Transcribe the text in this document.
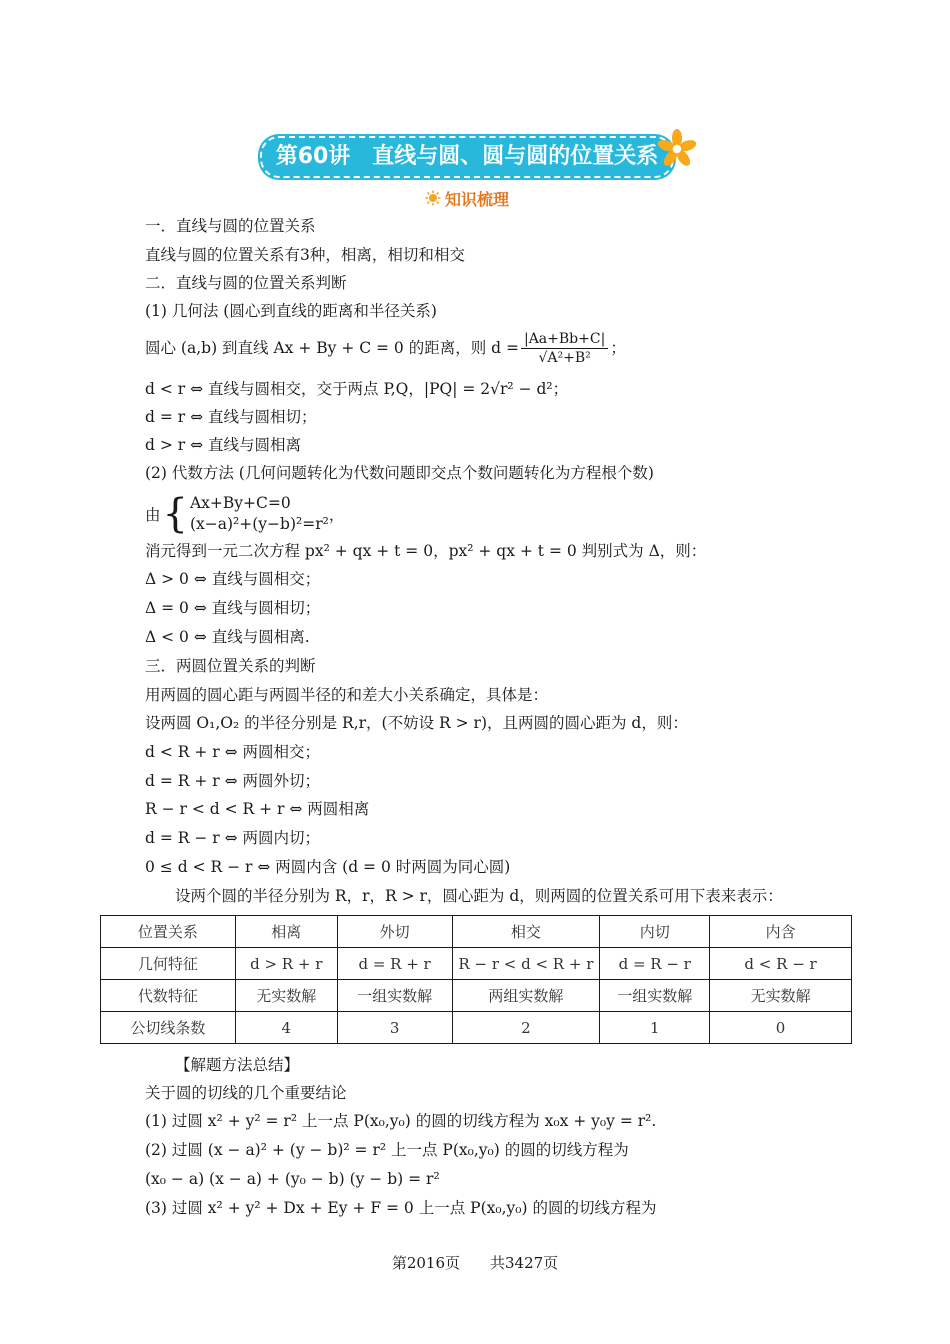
第60讲　直线与圆、圆与圆的位置关系
知识梳理
一．直线与圆的位置关系
直线与圆的位置关系有3种，相离，相切和相交
二．直线与圆的位置关系判断
(1) 几何法 (圆心到直线的距离和半径关系)
圆心 (a,b) 到直线 Ax + By + C = 0 的距离，则 $d = \frac{|Aa+Bb+C|}{\text{√A²+B²}}$ ；
d < r ⇔ 直线与圆相交，交于两点 P,Q，|PQ| = 2√r² − d²；
d = r ⇔ 直线与圆相切；
d > r ⇔ 直线与圆相离
(2) 代数方法 (几何问题转化为代数问题即交点个数问题转化为方程根个数)
由 { Ax+By+C=0
(x−a)²+(y−b)²=r² ，
消元得到一元二次方程 px² + qx + t = 0，px² + qx + t = 0 判别式为 Δ，则：
Δ > 0 ⇔ 直线与圆相交；
Δ = 0 ⇔ 直线与圆相切；
Δ < 0 ⇔ 直线与圆相离.
三．两圆位置关系的判断
用两圆的圆心距与两圆半径的和差大小关系确定，具体是：
设两圆 O₁,O₂ 的半径分别是 R,r，(不妨设 R > r)，且两圆的圆心距为 d，则：
d < R + r ⇔ 两圆相交；
d = R + r ⇔ 两圆外切；
R − r < d < R + r ⇔ 两圆相离
d = R − r ⇔ 两圆内切；
0 ≤ d < R − r ⇔ 两圆内含 (d = 0 时两圆为同心圆)
设两个圆的半径分别为 R，r，R > r，圆心距为 d，则两圆的位置关系可用下表来表示：
位置关系	相离	外切	相交	内切	内含
几何特征	d > R + r	d = R + r	R − r < d < R + r	d = R − r	d < R − r
代数特征	无实数解	一组实数解	两组实数解	一组实数解	无实数解
公切线条数	4	3	2	1	0
【解题方法总结】
关于圆的切线的几个重要结论
(1) 过圆 x² + y² = r² 上一点 P(x₀,y₀) 的圆的切线方程为 x₀x + y₀y = r².
(2) 过圆 (x − a)² + (y − b)² = r² 上一点 P(x₀,y₀) 的圆的切线方程为
(x₀ − a) (x − a) + (y₀ − b) (y − b) = r²
(3) 过圆 x² + y² + Dx + Ey + F = 0 上一点 P(x₀,y₀) 的圆的切线方程为
第2016页　　共3427页
